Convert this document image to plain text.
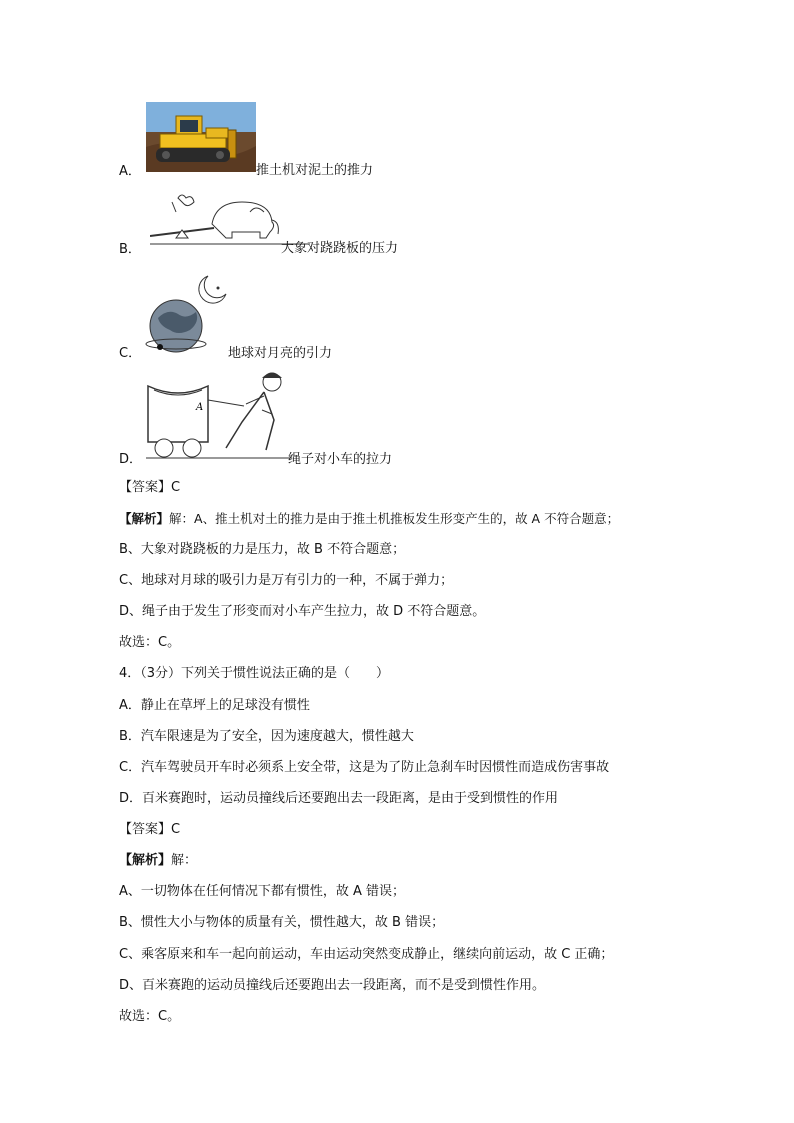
A．	推土机对泥土的推力
B．	大象对跷跷板的压力
C．	地球对月亮的引力
D．
A
绳子对小车的拉力
【答案】C
【解析】解：A、推土机对土的推力是由于推土机推板发生形变产生的，故 A 不符合题意；
B、大象对跷跷板的力是压力，故 B 不符合题意；
C、地球对月球的吸引力是万有引力的一种，不属于弹力；
D、绳子由于发生了形变而对小车产生拉力，故 D 不符合题意。
故选：C。
4．（3分）下列关于惯性说法正确的是（　　）
A．静止在草坪上的足球没有惯性
B．汽车限速是为了安全，因为速度越大，惯性越大
C．汽车驾驶员开车时必须系上安全带，这是为了防止急刹车时因惯性而造成伤害事故
D．百米赛跑时，运动员撞线后还要跑出去一段距离，是由于受到惯性的作用
【答案】C
【解析】解：
A、一切物体在任何情况下都有惯性，故 A 错误；
B、惯性大小与物体的质量有关，惯性越大，故 B 错误；
C、乘客原来和车一起向前运动，车由运动突然变成静止，继续向前运动，故 C 正确；
D、百米赛跑的运动员撞线后还要跑出去一段距离，而不是受到惯性作用。
故选：C。
